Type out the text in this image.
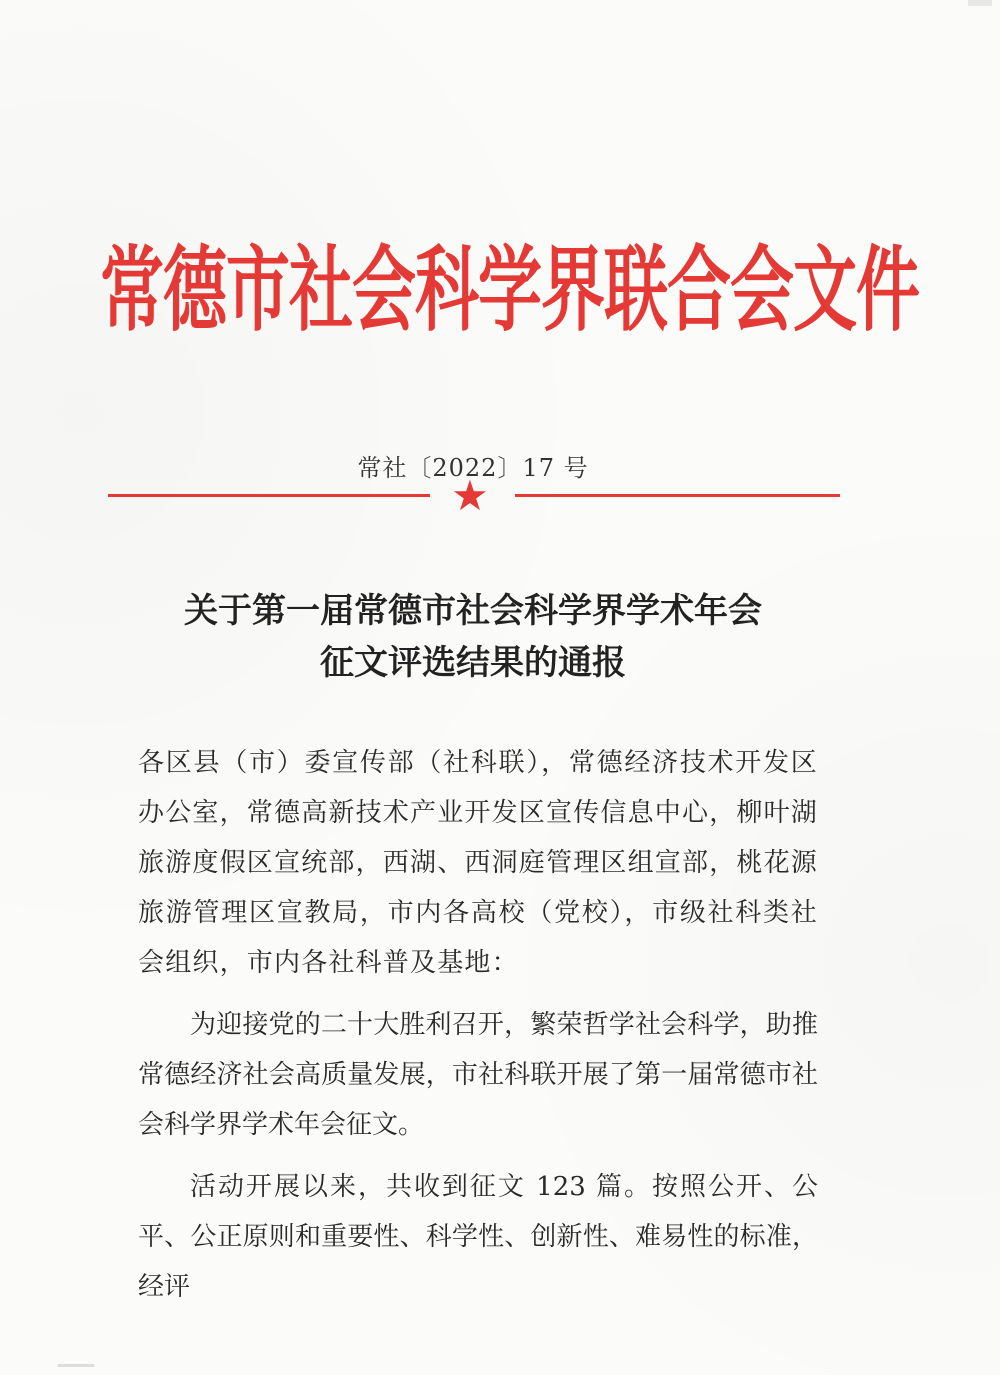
常德市社会科学界联合会文件
常社〔2022〕17 号
★
关于第一届常德市社会科学界学术年会
征文评选结果的通报

各区县（市）委宣传部（社科联），常德经济技术开发区办公室，常德高新技术产业开发区宣传信息中心，柳叶湖旅游度假区宣统部，西湖、西洞庭管理区组宣部，桃花源旅游管理区宣教局，市内各高校（党校），市级社科类社会组织，市内各社科普及基地：

为迎接党的二十大胜利召开，繁荣哲学社会科学，助推常德经济社会高质量发展，市社科联开展了第一届常德市社会科学界学术年会征文。

活动开展以来，共收到征文 123 篇。按照公开、公平、公正原则和重要性、科学性、创新性、难易性的标准，经评
